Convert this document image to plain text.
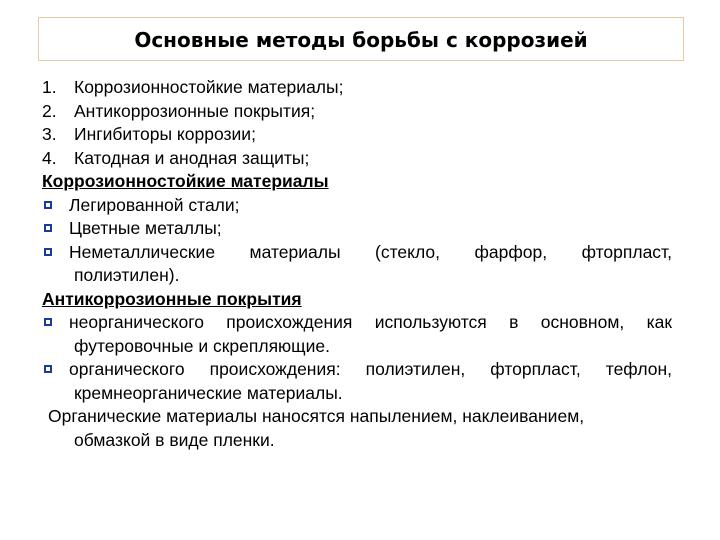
Основные методы борьбы с коррозией
1. Коррозионностойкие материалы;
2. Антикоррозионные покрытия;
3. Ингибиторы коррозии;
4. Катодная и анодная защиты;
Коррозионностойкие материалы
Легированной стали;
Цветные металлы;
Неметаллические материалы (стекло, фарфор, фторпласт,
полиэтилен).
Антикоррозионные покрытия
неорганического происхождения используются в основном, как
футеровочные и скрепляющие.
органического происхождения: полиэтилен, фторпласт, тефлон,
кремнеорганические материалы.
Органические материалы наносятся напылением, наклеиванием,
обмазкой в виде пленки.
